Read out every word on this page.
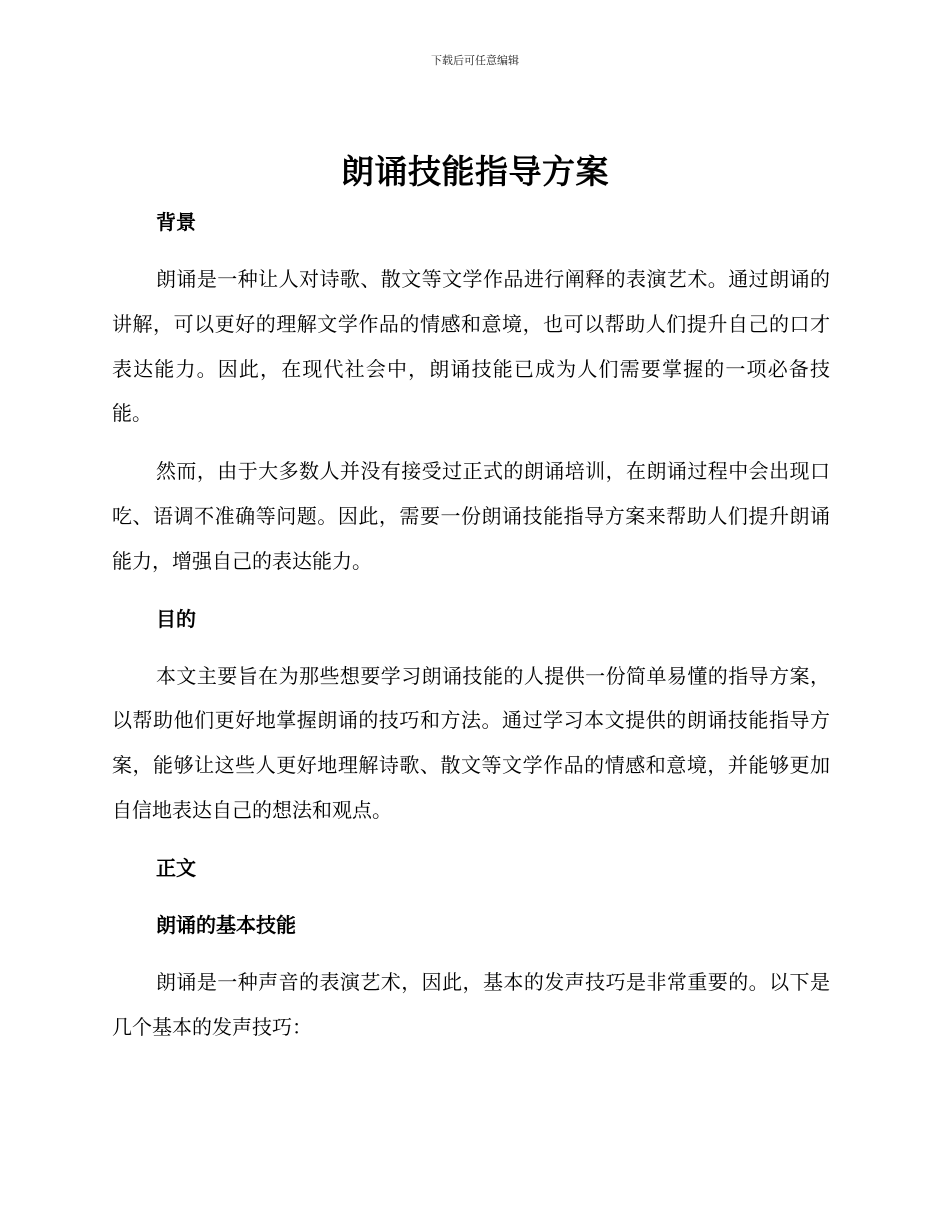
下载后可任意编辑
朗诵技能指导方案

背景

朗诵是一种让人对诗歌、散文等文学作品进行阐释的表演艺术。通过朗诵的讲解，可以更好的理解文学作品的情感和意境，也可以帮助人们提升自己的口才表达能力。因此，在现代社会中，朗诵技能已成为人们需要掌握的一项必备技能。

然而，由于大多数人并没有接受过正式的朗诵培训，在朗诵过程中会出现口吃、语调不准确等问题。因此，需要一份朗诵技能指导方案来帮助人们提升朗诵能力，增强自己的表达能力。

目的

本文主要旨在为那些想要学习朗诵技能的人提供一份简单易懂的指导方案，以帮助他们更好地掌握朗诵的技巧和方法。通过学习本文提供的朗诵技能指导方案，能够让这些人更好地理解诗歌、散文等文学作品的情感和意境，并能够更加自信地表达自己的想法和观点。

正文

朗诵的基本技能

朗诵是一种声音的表演艺术，因此，基本的发声技巧是非常重要的。以下是几个基本的发声技巧：
